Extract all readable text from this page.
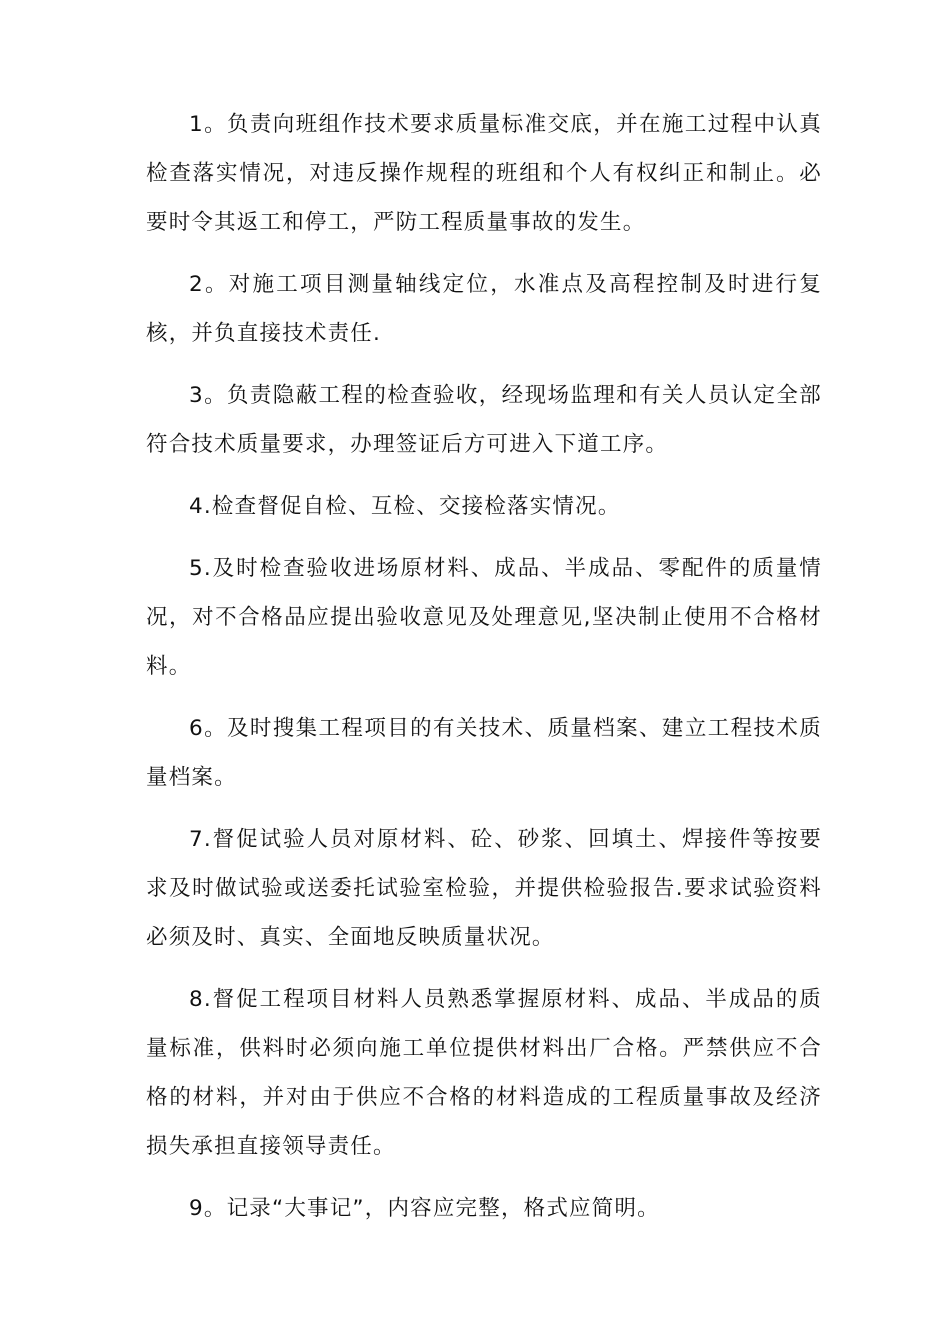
1。负责向班组作技术要求质量标准交底，并在施工过程中认真检查落实情况，对违反操作规程的班组和个人有权纠正和制止。必要时令其返工和停工，严防工程质量事故的发生。

2。对施工项目测量轴线定位，水准点及高程控制及时进行复核，并负直接技术责任.

3。负责隐蔽工程的检查验收，经现场监理和有关人员认定全部符合技术质量要求，办理签证后方可进入下道工序。

4.检查督促自检、互检、交接检落实情况。

5.及时检查验收进场原材料、成品、半成品、零配件的质量情况，对不合格品应提出验收意见及处理意见,坚决制止使用不合格材料。

6。及时搜集工程项目的有关技术、质量档案、建立工程技术质量档案。

7.督促试验人员对原材料、砼、砂浆、回填土、焊接件等按要求及时做试验或送委托试验室检验，并提供检验报告.要求试验资料必须及时、真实、全面地反映质量状况。

8.督促工程项目材料人员熟悉掌握原材料、成品、半成品的质量标准，供料时必须向施工单位提供材料出厂合格。严禁供应不合格的材料，并对由于供应不合格的材料造成的工程质量事故及经济损失承担直接领导责任。

9。记录“大事记”，内容应完整，格式应简明。
